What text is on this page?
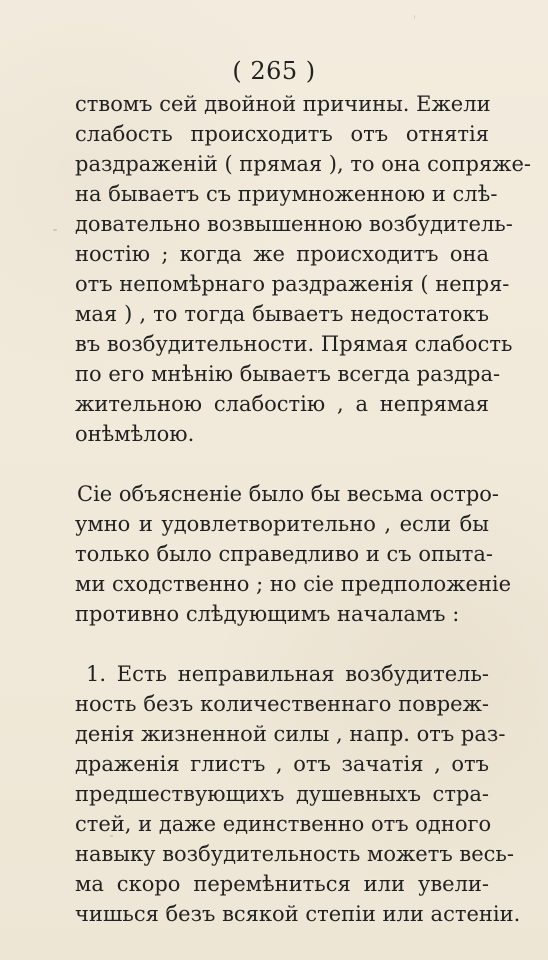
( 265 )
ствомъ сей двойной причины. Ежели
слабость происходитъ отъ отнятія
раздраженій ( прямая ), то она сопряже-
на бываетъ съ приумноженною и слѣ-
довательно возвышенною возбудитель-
ностію ; когда же происходитъ она
отъ непомѣрнаго раздраженія ( непря-
мая ) , то тогда бываетъ недостатокъ
въ возбудительности. Прямая слабость
по его мнѣнію бываетъ всегда раздра-
жительною слабостію , а непрямая
онѣмѣлою.
Сіе объясненіе было бы весьма остро-
умно и удовлетворительно , если бы
только было справедливо и съ опыта-
ми сходственно ; но сіе предположеніе
противно слѣдующимъ началамъ :
1. Есть неправильная возбудитель-
ность безъ количественнаго повреж-
денія жизненной силы , напр. отъ раз-
драженія глистъ , отъ зачатія , отъ
предшествующихъ душевныхъ стра-
стей, и даже единственно отъ одного
навыку возбудительность можетъ весь-
ма скоро перемѣниться или увели-
чишься безъ всякой степіи или астеніи.
